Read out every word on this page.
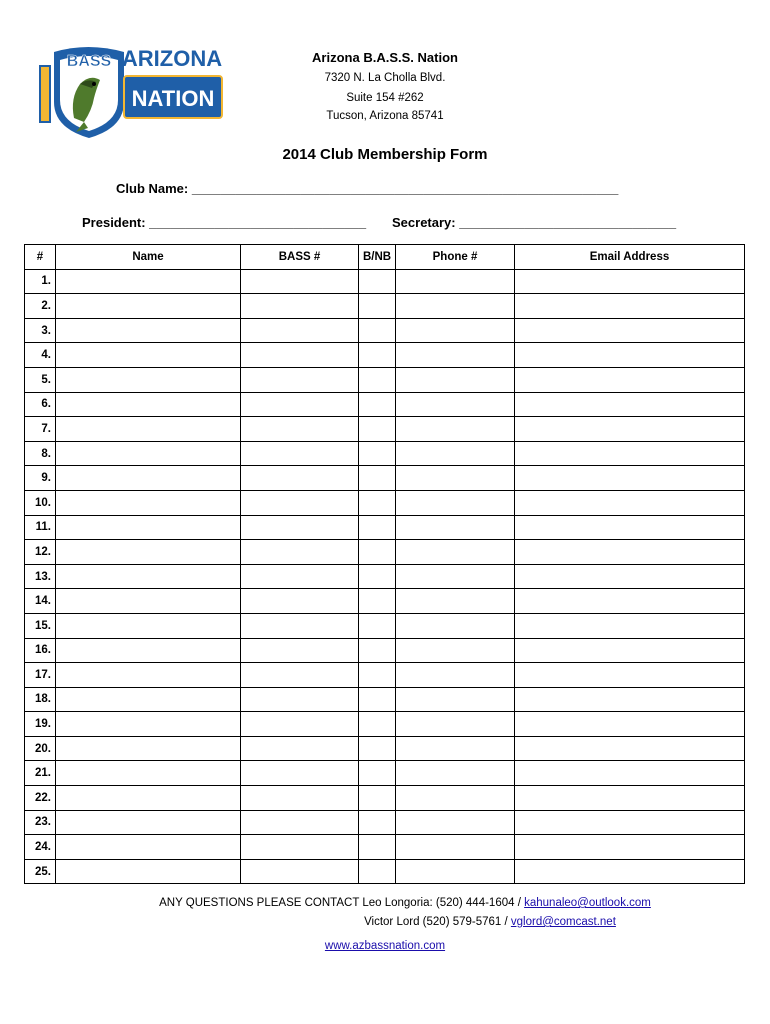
BASS ARIZONA
NATION
Arizona B.A.S.S. Nation
7320 N. La Cholla Blvd.
Suite 154 #262
Tucson, Arizona 85741
2014 Club Membership Form
Club Name: ___________________________________________________________
President: ______________________________ Secretary: ______________________________
#	Name	BASS #	B/NB	Phone #	Email Address
1.					
2.					
3.					
4.					
5.					
6.					
7.					
8.					
9.					
10.					
11.					
12.					
13.					
14.					
15.					
16.					
17.					
18.					
19.					
20.					
21.					
22.					
23.					
24.					
25.					
ANY QUESTIONS PLEASE CONTACT Leo Longoria: (520) 444-1604 / kahunaleo@outlook.com
Victor Lord (520) 579-5761 / vglord@comcast.net
www.azbassnation.com
